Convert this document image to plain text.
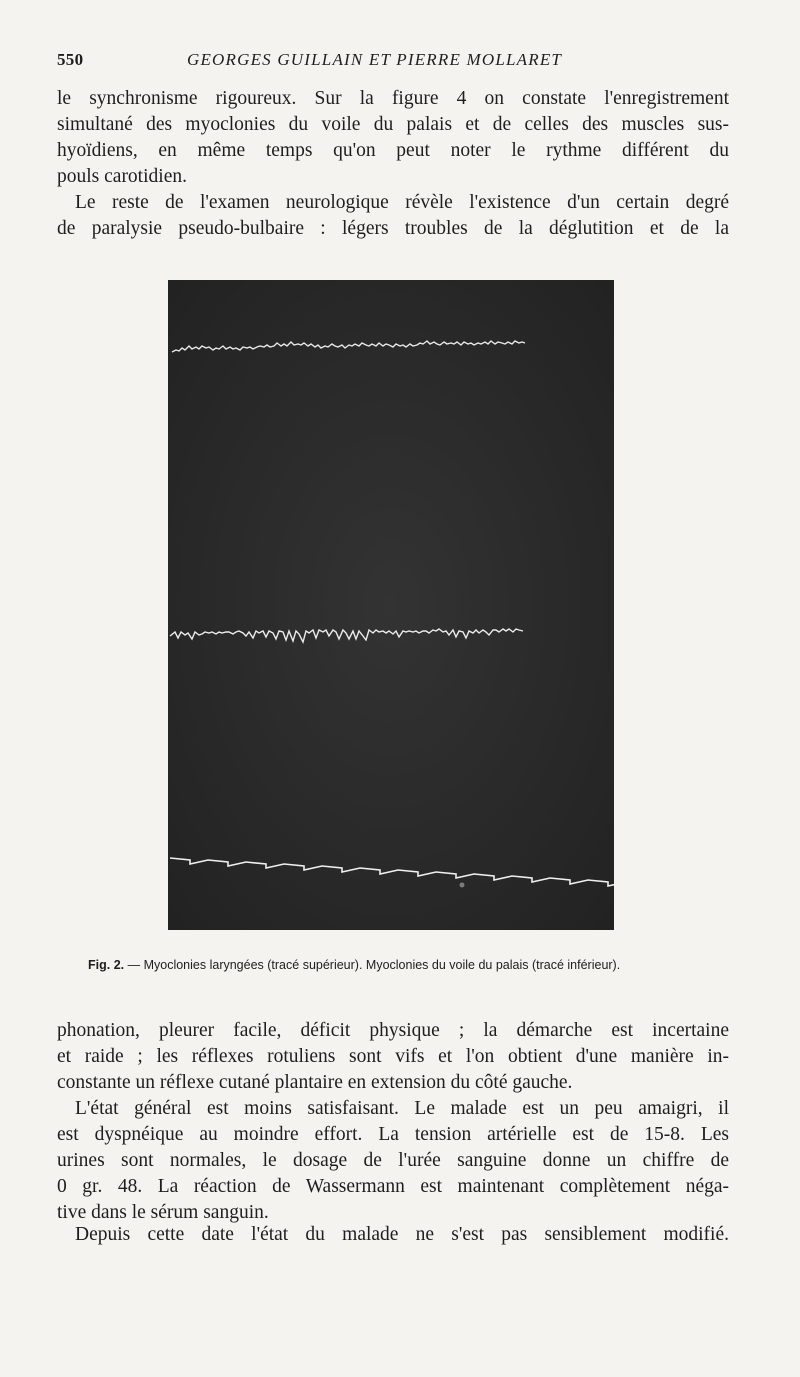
550	GEORGES GUILLAIN ET PIERRE MOLLARET
le synchronisme rigoureux. Sur la figure 4 on constate l'enregistrement
simultané des myoclonies du voile du palais et de celles des muscles sus-
hyoïdiens, en même temps qu'on peut noter le rythme différent du
pouls carotidien.
Le reste de l'examen neurologique révèle l'existence d'un certain degré
de paralysie pseudo-bulbaire : légers troubles de la déglutition et de la
Fig. 2. — Myoclonies laryngées (tracé supérieur). Myoclonies du voile du palais (tracé inférieur).
phonation, pleurer facile, déficit physique ; la démarche est incertaine
et raide ; les réflexes rotuliens sont vifs et l'on obtient d'une manière in-
constante un réflexe cutané plantaire en extension du côté gauche.
L'état général est moins satisfaisant. Le malade est un peu amaigri, il
est dyspnéique au moindre effort. La tension artérielle est de 15-8. Les
urines sont normales, le dosage de l'urée sanguine donne un chiffre de
0 gr. 48. La réaction de Wassermann est maintenant complètement néga-
tive dans le sérum sanguin.
Depuis cette date l'état du malade ne s'est pas sensiblement modifié.
